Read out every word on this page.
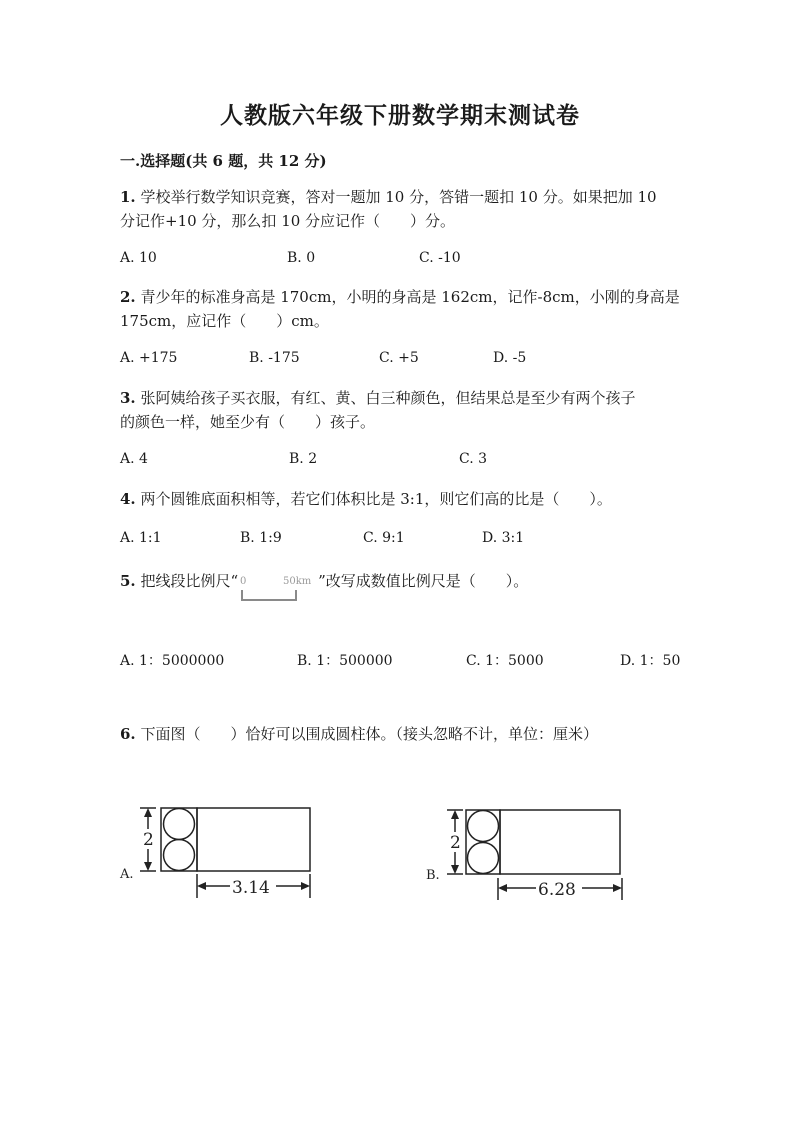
人教版六年级下册数学期末测试卷
一.选择题(共 6 题，共 12 分)
1. 学校举行数学知识竞赛，答对一题加 10 分，答错一题扣 10 分。如果把加 10
分记作+10 分，那么扣 10 分应记作（　　）分。
A. 10	B. 0	C. -10
2. 青少年的标准身高是 170cm，小明的身高是 162cm，记作-8cm，小刚的身高是
175cm，应记作（　　）cm。
A. +175	B. -175	C. +5	D. -5
3. 张阿姨给孩子买衣服，有红、黄、白三种颜色，但结果总是至少有两个孩子
的颜色一样，她至少有（　　）孩子。
A. 4	B. 2	C. 3
4. 两个圆锥底面积相等，若它们体积比是 3:1，则它们高的比是（　　）。
A. 1:1	B. 1:9	C. 9:1	D. 3:1
5. 把线段比例尺“ 0	50km ”改写成数值比例尺是（　　）。
A. 1：5000000	B. 1：500000	C. 1：5000	D. 1：50
6. 下面图（　　）恰好可以围成圆柱体。（接头忽略不计，单位：厘米）
A.
2
3.14
B.
2
6.28
